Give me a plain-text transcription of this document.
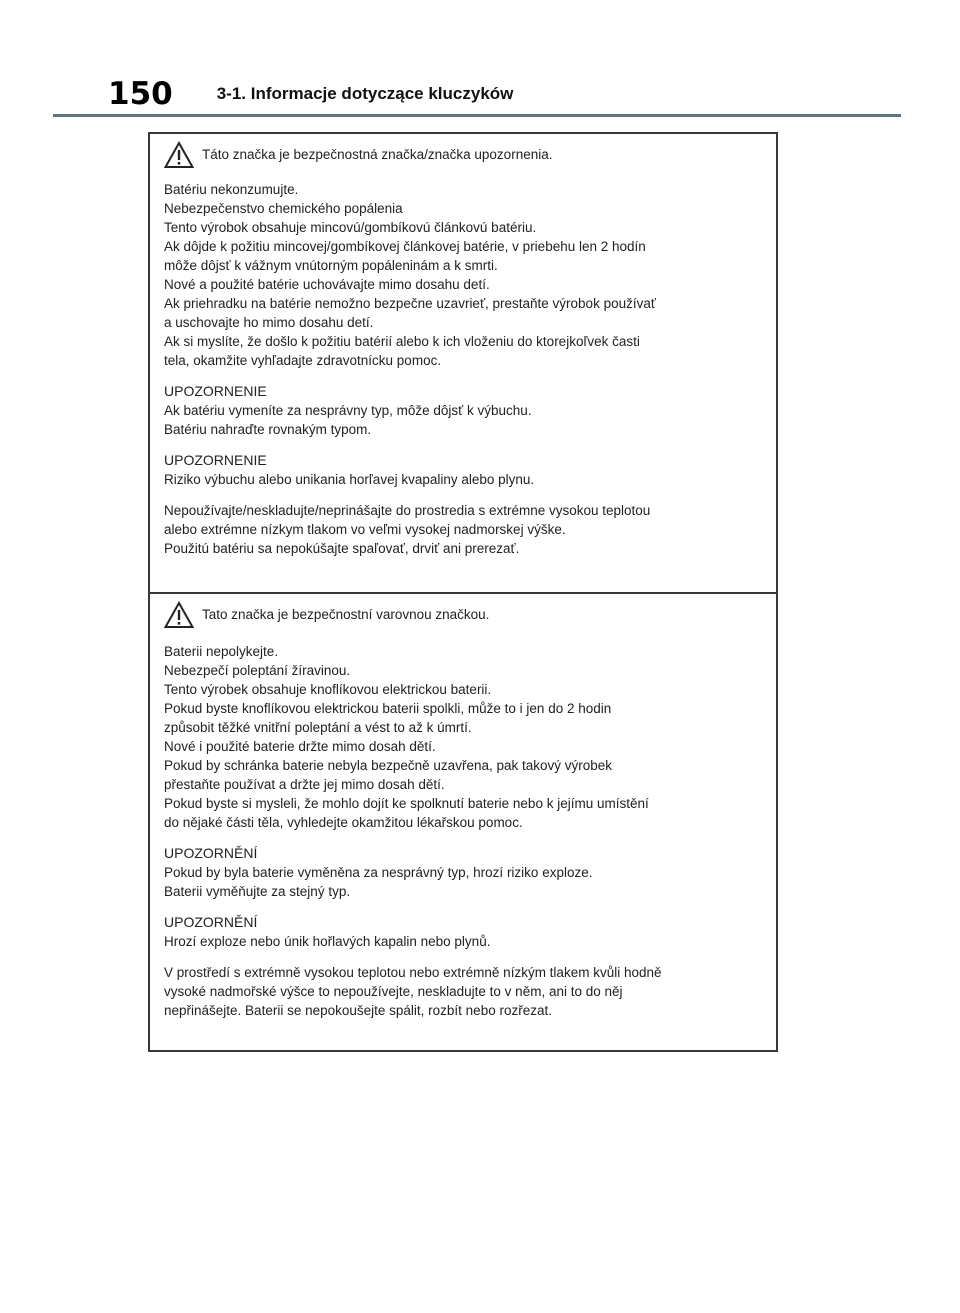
150	3-1. Informacje dotyczące kluczyków
Táto značka je bezpečnostná značka/značka upozornenia.

Batériu nekonzumujte.
Nebezpečenstvo chemického popálenia
Tento výrobok obsahuje mincovú/gombíkovú článkovú batériu.
Ak dôjde k požitiu mincovej/gombíkovej článkovej batérie, v priebehu len 2 hodín
môže dôjsť k vážnym vnútorným popáleninám a k smrti.
Nové a použité batérie uchovávajte mimo dosahu detí.
Ak priehradku na batérie nemožno bezpečne uzavrieť, prestaňte výrobok používať
a uschovajte ho mimo dosahu detí.
Ak si myslíte, že došlo k požitiu batérií alebo k ich vloženiu do ktorejkoľvek časti
tela, okamžite vyhľadajte zdravotnícku pomoc.

UPOZORNENIE
Ak batériu vymeníte za nesprávny typ, môže dôjsť k výbuchu.
Batériu nahraďte rovnakým typom.

UPOZORNENIE
Riziko výbuchu alebo unikania horľavej kvapaliny alebo plynu.

Nepoužívajte/neskladujte/neprinášajte do prostredia s extrémne vysokou teplotou
alebo extrémne nízkym tlakom vo veľmi vysokej nadmorskej výške.
Použitú batériu sa nepokúšajte spaľovať, drviť ani prerezať.

Tato značka je bezpečnostní varovnou značkou.

Baterii nepolykejte.
Nebezpečí poleptání žíravinou.
Tento výrobek obsahuje knoflíkovou elektrickou baterii.
Pokud byste knoflíkovou elektrickou baterii spolkli, může to i jen do 2 hodin
způsobit těžké vnitřní poleptání a vést to až k úmrtí.
Nové i použité baterie držte mimo dosah dětí.
Pokud by schránka baterie nebyla bezpečně uzavřena, pak takový výrobek
přestaňte používat a držte jej mimo dosah dětí.
Pokud byste si mysleli, že mohlo dojít ke spolknutí baterie nebo k jejímu umístění
do nějaké části těla, vyhledejte okamžitou lékařskou pomoc.

UPOZORNĚNÍ
Pokud by byla baterie vyměněna za nesprávný typ, hrozí riziko exploze.
Baterii vyměňujte za stejný typ.

UPOZORNĚNÍ
Hrozí exploze nebo únik hořlavých kapalin nebo plynů.

V prostředí s extrémně vysokou teplotou nebo extrémně nízkým tlakem kvůli hodně
vysoké nadmořské výšce to nepoužívejte, neskladujte to v něm, ani to do něj
nepřinášejte. Baterii se nepokoušejte spálit, rozbít nebo rozřezat.
